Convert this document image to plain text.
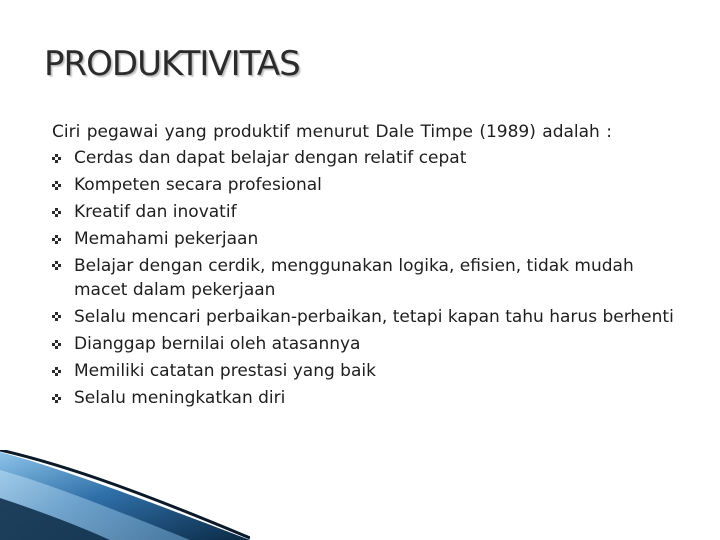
PRODUKTIVITAS

Ciri pegawai yang produktif menurut Dale Timpe (1989) adalah :

Cerdas dan dapat belajar dengan relatif cepat
Kompeten secara profesional
Kreatif dan inovatif
Memahami pekerjaan
Belajar dengan cerdik, menggunakan logika, efisien, tidak mudah macet dalam pekerjaan
Selalu mencari perbaikan-perbaikan, tetapi kapan tahu harus berhenti
Dianggap bernilai oleh atasannya
Memiliki catatan prestasi yang baik
Selalu meningkatkan diri
